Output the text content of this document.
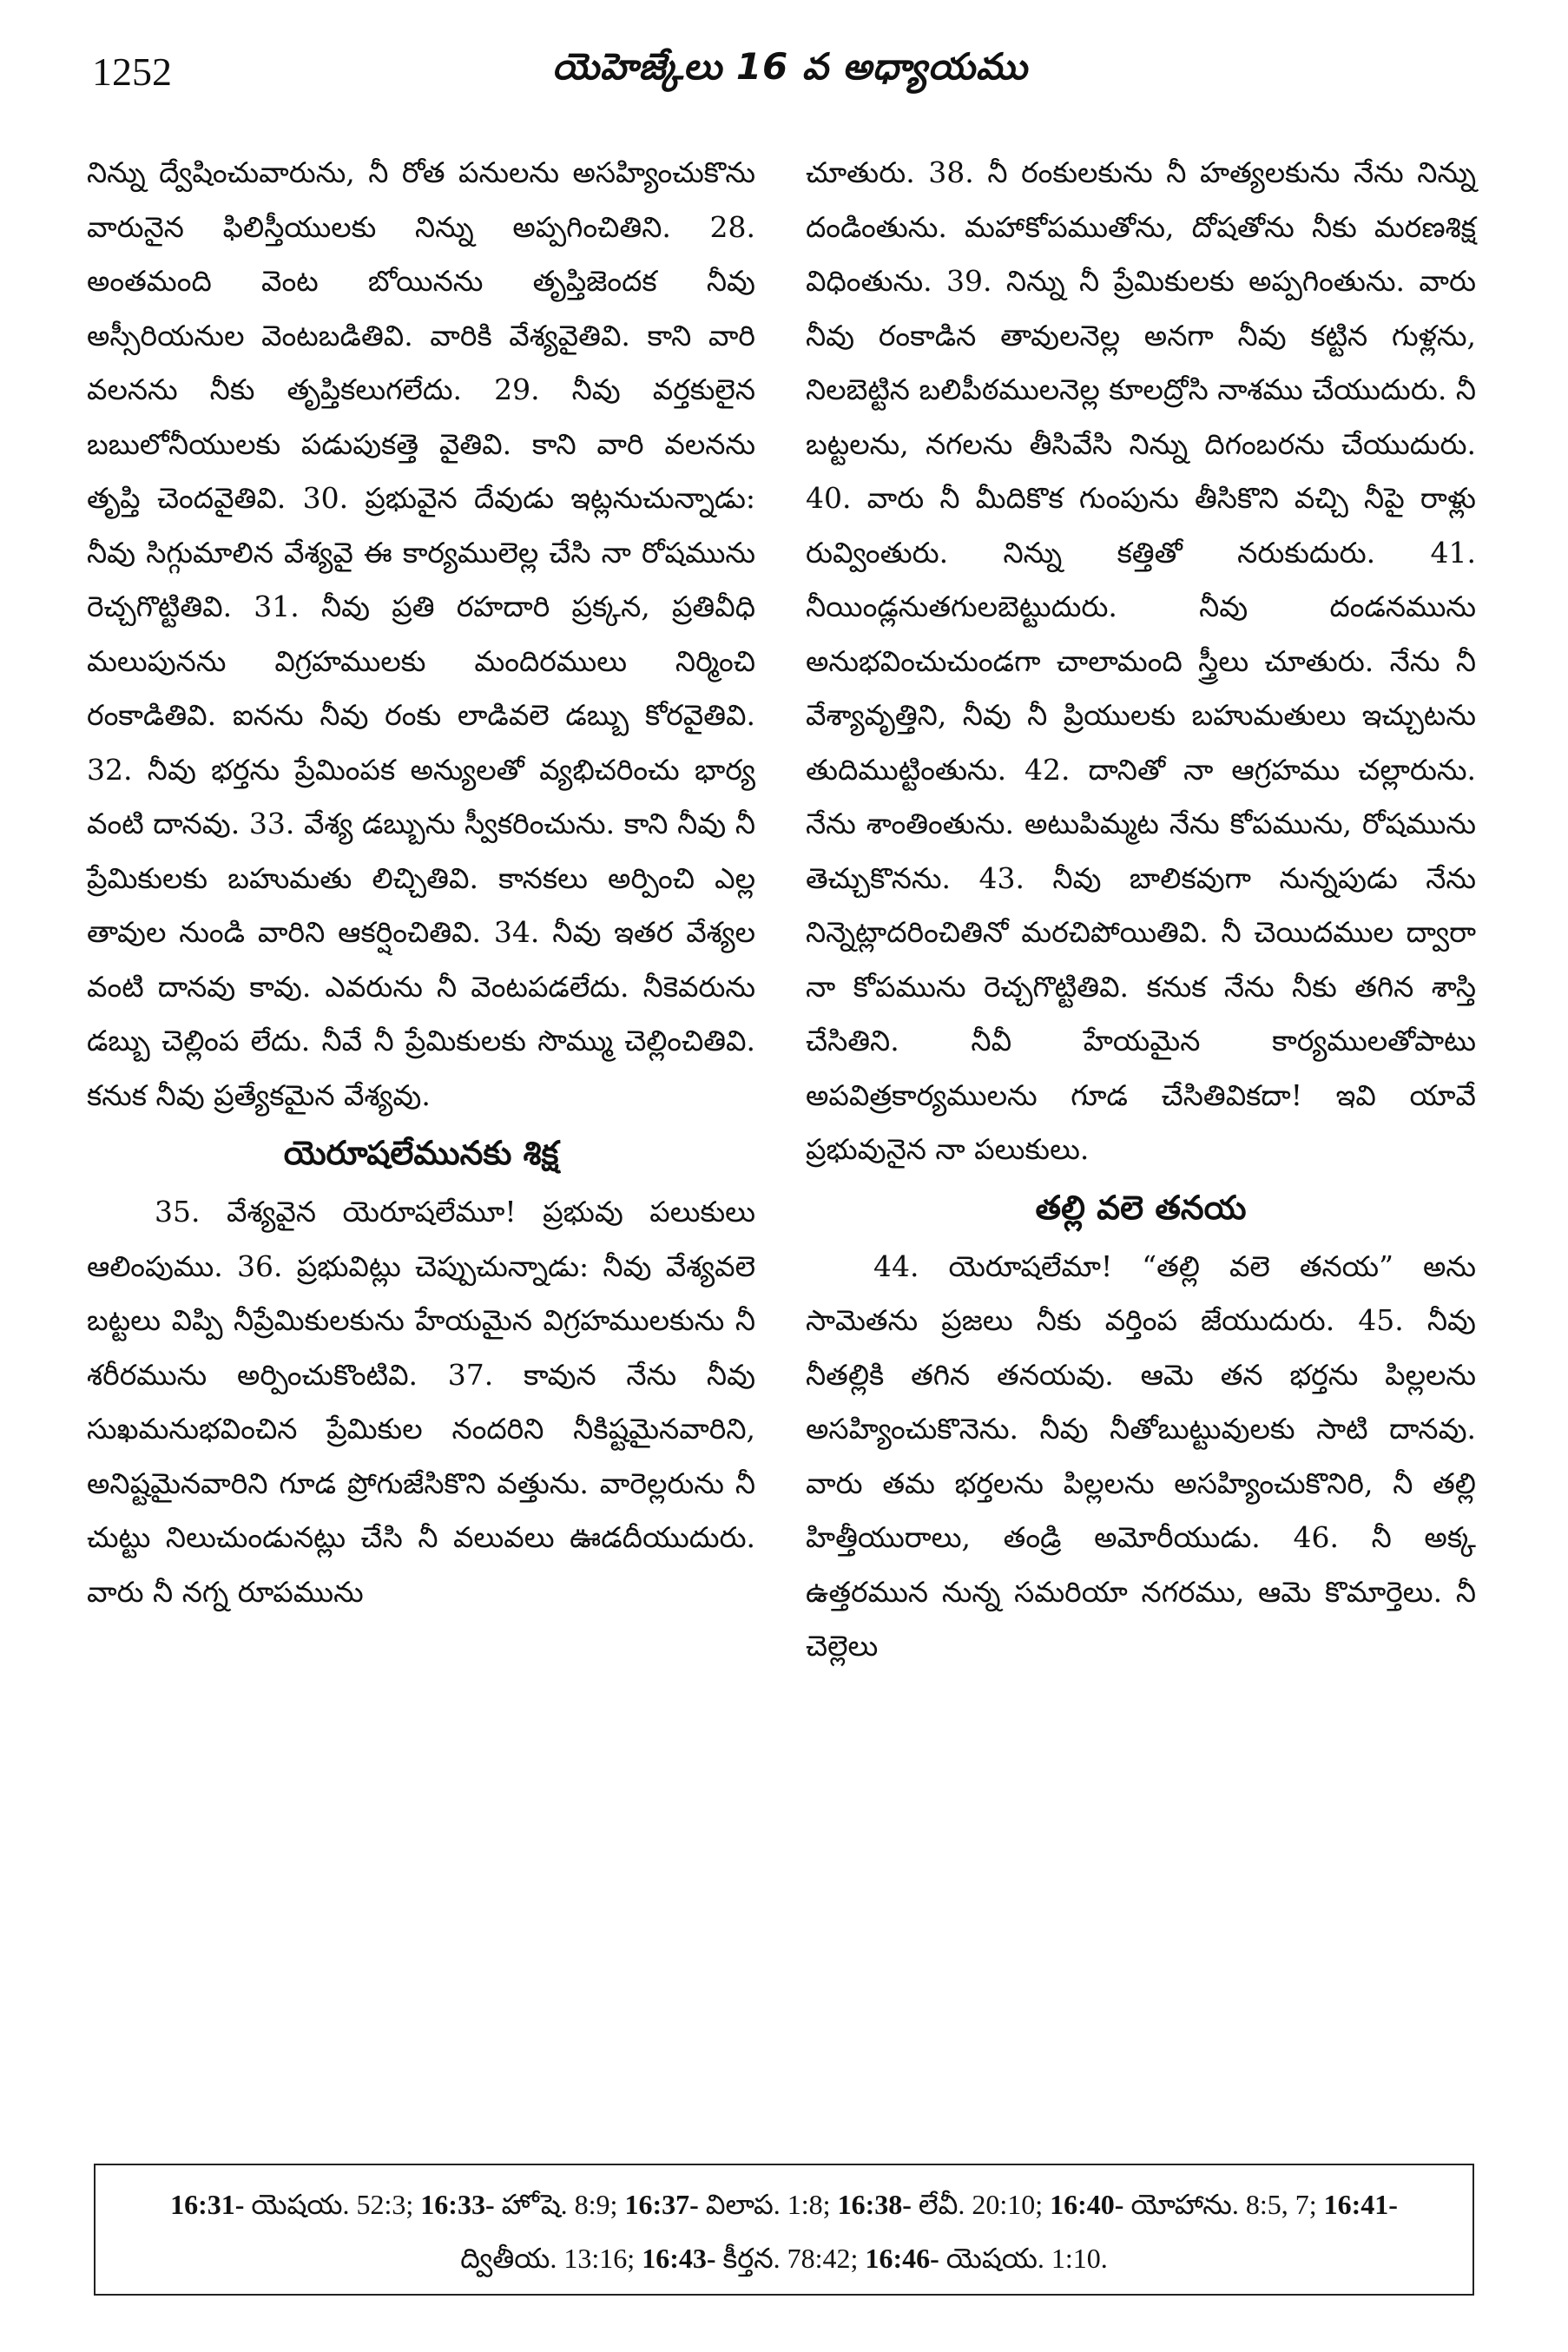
1252	యెహెజ్కేలు 16 వ అధ్యాయము

నిన్ను ద్వేషించువారును, నీ రోత పనులను అసహ్యించుకొను వారునైన ఫిలిస్తీయులకు నిన్ను అప్పగించితిని. 28. అంతమంది వెంట బోయినను తృప్తిజెందక నీవు అస్సీరియనుల వెంటబడితివి. వారికి వేశ్యవైతివి. కాని వారి వలనను నీకు తృప్తికలుగలేదు. 29. నీవు వర్తకులైన బబులోనీయులకు పడుపుకత్తె వైతివి. కాని వారి వలనను తృప్తి చెందవైతివి. 30. ప్రభువైన దేవుడు ఇట్లనుచున్నాడు: నీవు సిగ్గుమాలిన వేశ్యవై ఈ కార్యములెల్ల చేసి నా రోషమును రెచ్చగొట్టితివి. 31. నీవు ప్రతి రహదారి ప్రక్కన, ప్రతివీధి మలుపునను విగ్రహములకు మందిరములు నిర్మించి రంకాడితివి. ఐనను నీవు రంకు లాడివలె డబ్బు కోరవైతివి. 32. నీవు భర్తను ప్రేమింపక అన్యులతో వ్యభిచరించు భార్య వంటి దానవు. 33. వేశ్య డబ్బును స్వీకరించును. కాని నీవు నీ ప్రేమికులకు బహుమతు లిచ్చితివి. కానకలు అర్పించి ఎల్ల తావుల నుండి వారిని ఆకర్షించితివి. 34. నీవు ఇతర వేశ్యల వంటి దానవు కావు. ఎవరును నీ వెంటపడలేదు. నీకెవరును డబ్బు చెల్లింప లేదు. నీవే నీ ప్రేమికులకు సొమ్ము చెల్లించితివి. కనుక నీవు ప్రత్యేకమైన వేశ్యవు.

యెరూషలేమునకు శిక్ష

35. వేశ్యవైన యెరూషలేమూ! ప్రభువు పలుకులు ఆలింపుము. 36. ప్రభువిట్లు చెప్పుచున్నాడు: నీవు వేశ్యవలె బట్టలు విప్పి నీప్రేమికులకును హేయమైన విగ్రహములకును నీ శరీరమును అర్పించుకొంటివి. 37. కావున నేను నీవు సుఖమనుభవించిన ప్రేమికుల నందరిని నీకిష్టమైనవారిని, అనిష్టమైనవారిని గూడ ప్రోగుజేసికొని వత్తును. వారెల్లరును నీ చుట్టు నిలుచుండునట్లు చేసి నీ వలువలు ఊడదీయుదురు. వారు నీ నగ్న రూపమును

చూతురు. 38. నీ రంకులకును నీ హత్యలకును నేను నిన్ను దండింతును. మహాకోపముతోను, దోషతోను నీకు మరణశిక్ష విధింతును. 39. నిన్ను నీ ప్రేమికులకు అప్పగింతును. వారు నీవు రంకాడిన తావులనెల్ల అనగా నీవు కట్టిన గుళ్లను, నిలబెట్టిన బలిపీఠములనెల్ల కూలద్రోసి నాశము చేయుదురు. నీ బట్టలను, నగలను తీసివేసి నిన్ను దిగంబరను చేయుదురు. 40. వారు నీ మీదికొక గుంపును తీసికొని వచ్చి నీపై రాళ్లు రువ్వింతురు. నిన్ను కత్తితో నరుకుదురు. 41. నీయిండ్లనుతగులబెట్టుదురు. నీవు దండనమును అనుభవించుచుండగా చాలామంది స్త్రీలు చూతురు. నేను నీ వేశ్యావృత్తిని, నీవు నీ ప్రియులకు బహుమతులు ఇచ్చుటను తుదిముట్టింతును. 42. దానితో నా ఆగ్రహము చల్లారును. నేను శాంతింతును. అటుపిమ్మట నేను కోపమును, రోషమును తెచ్చుకొనను. 43. నీవు బాలికవుగా నున్నపుడు నేను నిన్నెట్లాదరించితినో మరచిపోయితివి. నీ చెయిదముల ద్వారా నా కోపమును రెచ్చగొట్టితివి. కనుక నేను నీకు తగిన శాస్తి చేసితిని. నీవీ హేయమైన కార్యములతోపాటు అపవిత్రకార్యములను గూడ చేసితివికదా! ఇవి యావే ప్రభువునైన నా పలుకులు.

తల్లి వలె తనయ

44. యెరూషలేమా! “తల్లి వలె తనయ” అను సామెతను ప్రజలు నీకు వర్తింప జేయుదురు. 45. నీవు నీతల్లికి తగిన తనయవు. ఆమె తన భర్తను పిల్లలను అసహ్యించుకొనెను. నీవు నీతోబుట్టువులకు సాటి దానవు. వారు తమ భర్తలను పిల్లలను అసహ్యించుకొనిరి, నీ తల్లి హిత్తీయురాలు, తండ్రి అమోరీయుడు. 46. నీ అక్క ఉత్తరమున నున్న సమరియా నగరము, ఆమె కొమార్తెలు. నీ చెల్లెలు

16:31- యెషయ. 52:3; 16:33- హోషె. 8:9; 16:37- విలాప. 1:8; 16:38- లేవీ. 20:10; 16:40- యోహాను. 8:5, 7; 16:41- ద్వితీయ. 13:16; 16:43- కీర్తన. 78:42; 16:46- యెషయ. 1:10.
